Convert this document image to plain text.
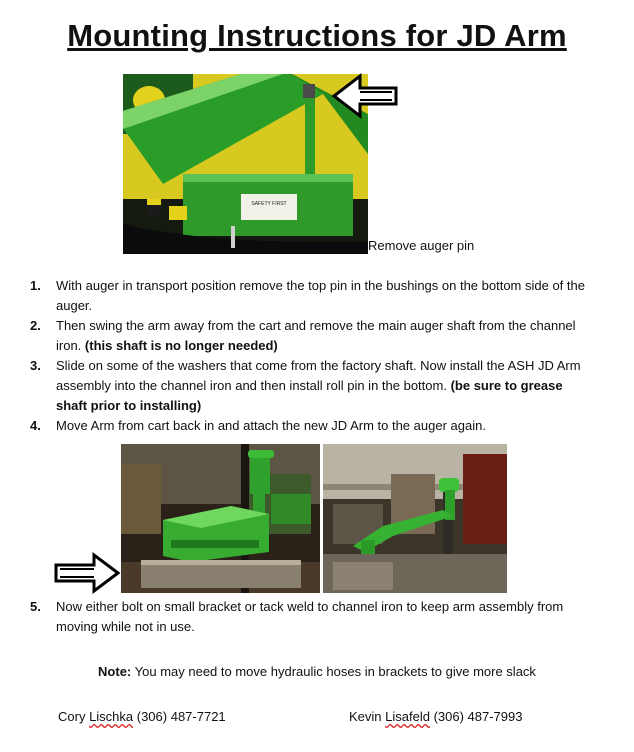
Mounting Instructions for JD Arm
SAFETY FIRST
Remove auger pin
1. With auger in transport position remove the top pin in the bushings on the bottom side of the auger.
2. Then swing the arm away from the cart and remove the main auger shaft from the channel iron. (this shaft is no longer needed)
3. Slide on some of the washers that come from the factory shaft. Now install the ASH JD Arm assembly into the channel iron and then install roll pin in the bottom. (be sure to grease shaft prior to installing)
4. Move Arm from cart back in and attach the new JD Arm to the auger again.
5. Now either bolt on small bracket or tack weld to channel iron to keep arm assembly from moving while not in use.
Note: You may need to move hydraulic hoses in brackets to give more slack
Cory Lischka (306) 487-7721	Kevin Lisafeld (306) 487-7993
